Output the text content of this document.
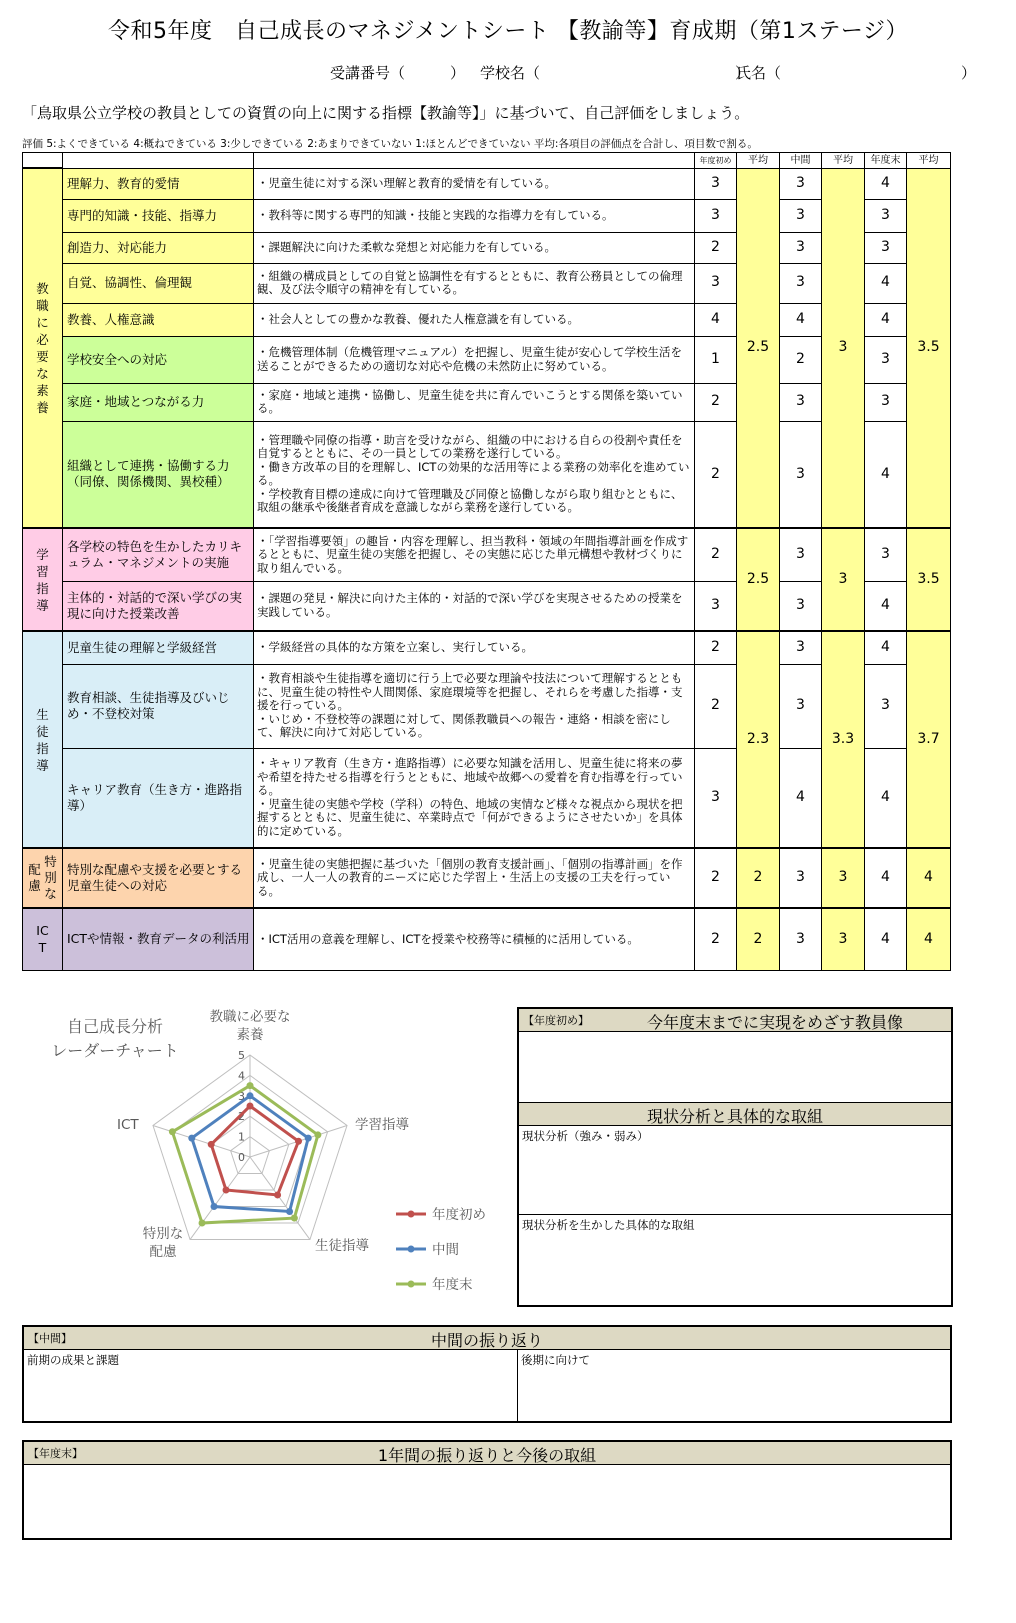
令和5年度　自己成長のマネジメントシート 【教諭等】育成期（第1ステージ）
受講番号（　　　） 学校名（　　　　　　　　　　　　　）
氏名（　　　　　　　　　　　　）
「鳥取県公立学校の教員としての資質の向上に関する指標【教諭等】」に基づいて、自己評価をしましょう。
評価 5:よくできている 4:概ねできている 3:少しできている 2:あまりできていない 1:ほとんどできていない 平均:各項目の評価点を合計し、項目数で割る。
			年度初め	平均	中間	平均	年度末	平均

教職に必要な素養	理解力、教育的愛情	・児童生徒に対する深い理解と教育的愛情を有している。	3	2.5	3	3	4	3.5
	専門的知識・技能、指導力	・教科等に関する専門的知識・技能と実践的な指導力を有している。	3		3		3	
	創造力、対応能力	・課題解決に向けた柔軟な発想と対応能力を有している。	2		3		3	
	自覚、協調性、倫理観	・組織の構成員としての自覚と協調性を有するとともに、教育公務員としての倫理観、及び法令順守の精神を有している。	3		3		4	
	教養、人権意識	・社会人としての豊かな教養、優れた人権意識を有している。	4		4		4	
	学校安全への対応	・危機管理体制（危機管理マニュアル）を把握し、児童生徒が安心して学校生活を送ることができるための適切な対応や危機の未然防止に努めている。	1		2		3	
	家庭・地域とつながる力	・家庭・地域と連携・協働し、児童生徒を共に育んでいこうとする関係を築いている。	2		3		3	
	組織として連携・協働する力（同僚、関係機関、異校種）	・管理職や同僚の指導・助言を受けながら、組織の中における自らの役割や責任を自覚するとともに、その一員としての業務を遂行している。
・働き方改革の目的を理解し、ICTの効果的な活用等による業務の効率化を進めている。
・学校教育目標の達成に向けて管理職及び同僚と協働しながら取り組むとともに、取組の継承や後継者育成を意識しながら業務を遂行している。	2		3		4	

学習指導	各学校の特色を生かしたカリキュラム・マネジメントの実施	・「学習指導要領」の趣旨・内容を理解し、担当教科・領域の年間指導計画を作成するとともに、児童生徒の実態を把握し、その実態に応じた単元構想や教材づくりに取り組んでいる。	2	2.5	3	3	3	3.5
	主体的・対話的で深い学びの実現に向けた授業改善	・課題の発見・解決に向けた主体的・対話的で深い学びを実現させるための授業を実践している。	3		3		4	

生徒指導	児童生徒の理解と学級経営	・学級経営の具体的な方策を立案し、実行している。	2	2.3	3	3.3	4	3.7
	教育相談、生徒指導及びいじめ・不登校対策	・教育相談や生徒指導を適切に行う上で必要な理論や技法について理解するとともに、児童生徒の特性や人間関係、家庭環境等を把握し、それらを考慮した指導・支援を行っている。
・いじめ・不登校等の課題に対して、関係教職員への報告・連絡・相談を密にして、解決に向けて対応している。	2		3		3	
	キャリア教育（生き方・進路指導）	・キャリア教育（生き方・進路指導）に必要な知識を活用し、児童生徒に将来の夢や希望を持たせる指導を行うとともに、地域や故郷への愛着を育む指導を行っている。
・児童生徒の実態や学校（学科）の特色、地域の実情など様々な視点から現状を把握するとともに、児童生徒に、卒業時点で「何ができるようにさせたいか」を具体的に定めている。	3		4		4	

配慮
特別な	特別な配慮や支援を必要とする児童生徒への対応	・児童生徒の実態把握に基づいた「個別の教育支援計画」、「個別の指導計画」を作成し、一人一人の教育的ニーズに応じた学習上・生活上の支援の工夫を行っている。	2	2	3	3	4	4

ICT	ICTや情報・教育データの利活用	・ICT活用の意義を理解し、ICTを授業や校務等に積極的に活用している。	2	2	3	3	4	4
自己成長分析
レーダーチャート
0
1
2
3
4
5
教職に必要な
素養
学習指導
生徒指導
特別な
配慮
ICT
年度初め
中間
年度末
【年度初め】	今年度末までに実現をめざす教員像
現状分析と具体的な取組
現状分析（強み・弱み）
現状分析を生かした具体的な取組
【中間】	中間の振り返り
前期の成果と課題	後期に向けて
【年度末】	1年間の振り返りと今後の取組
